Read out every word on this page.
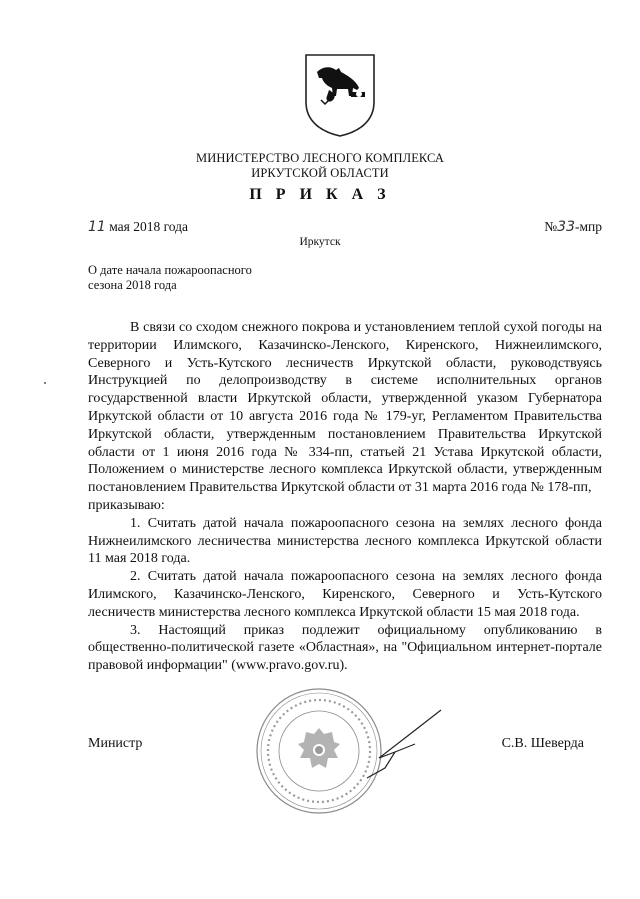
МИНИСТЕРСТВО ЛЕСНОГО КОМПЛЕКСА
ИРКУТСКОЙ ОБЛАСТИ
П Р И К А З
11 мая 2018 года	№33-мпр
Иркутск
О дате начала пожароопасного
сезона 2018 года

В связи со сходом снежного покрова и установлением теплой сухой погоды на территории Илимского, Казачинско-Ленского, Киренского, Нижнеилимского, Северного и Усть-Кутского лесничеств Иркутской области, руководствуясь Инструкцией по делопроизводству в системе исполнительных органов государственной власти Иркутской области, утвержденной указом Губернатора Иркутской области от 10 августа 2016 года № 179-уг, Регламентом Правительства Иркутской области, утвержденным постановлением Правительства Иркутской области от 1 июня 2016 года № 334-пп, статьей 21 Устава Иркутской области, Положением о министерстве лесного комплекса Иркутской области, утвержденным постановлением Правительства Иркутской области от 31 марта 2016 года № 178-пп,

приказываю:

1. Считать датой начала пожароопасного сезона на землях лесного фонда Нижнеилимского лесничества министерства лесного комплекса Иркутской области 11 мая 2018 года.

2. Считать датой начала пожароопасного сезона на землях лесного фонда Илимского, Казачинско-Ленского, Киренского, Северного и Усть-Кутского лесничеств министерства лесного комплекса Иркутской области 15 мая 2018 года.

3. Настоящий приказ подлежит официальному опубликованию в общественно-политической газете «Областная», на "Официальном интернет-портале правовой информации" (www.pravo.gov.ru).

Министр	С.В. Шеверда
